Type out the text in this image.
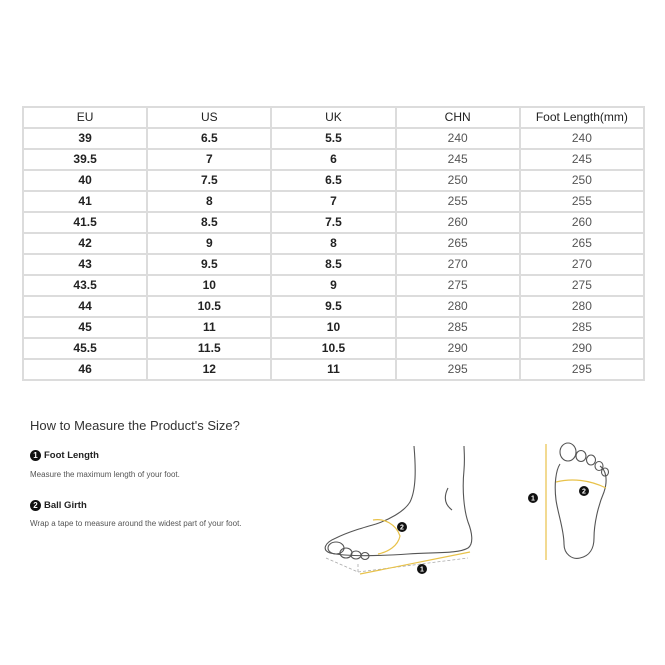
EU	US	UK	CHN	Foot Length(mm)
39	6.5	5.5	240	240
39.5	7	6	245	245
40	7.5	6.5	250	250
41	8	7	255	255
41.5	8.5	7.5	260	260
42	9	8	265	265
43	9.5	8.5	270	270
43.5	10	9	275	275
44	10.5	9.5	280	280
45	11	10	285	285
45.5	11.5	10.5	290	290
46	12	11	295	295
How to Measure the Product's Size?
1 Foot Length
Measure the maximum length of your foot.
2 Ball Girth
Wrap a tape to measure around the widest part of your foot.	2
1
1
2
